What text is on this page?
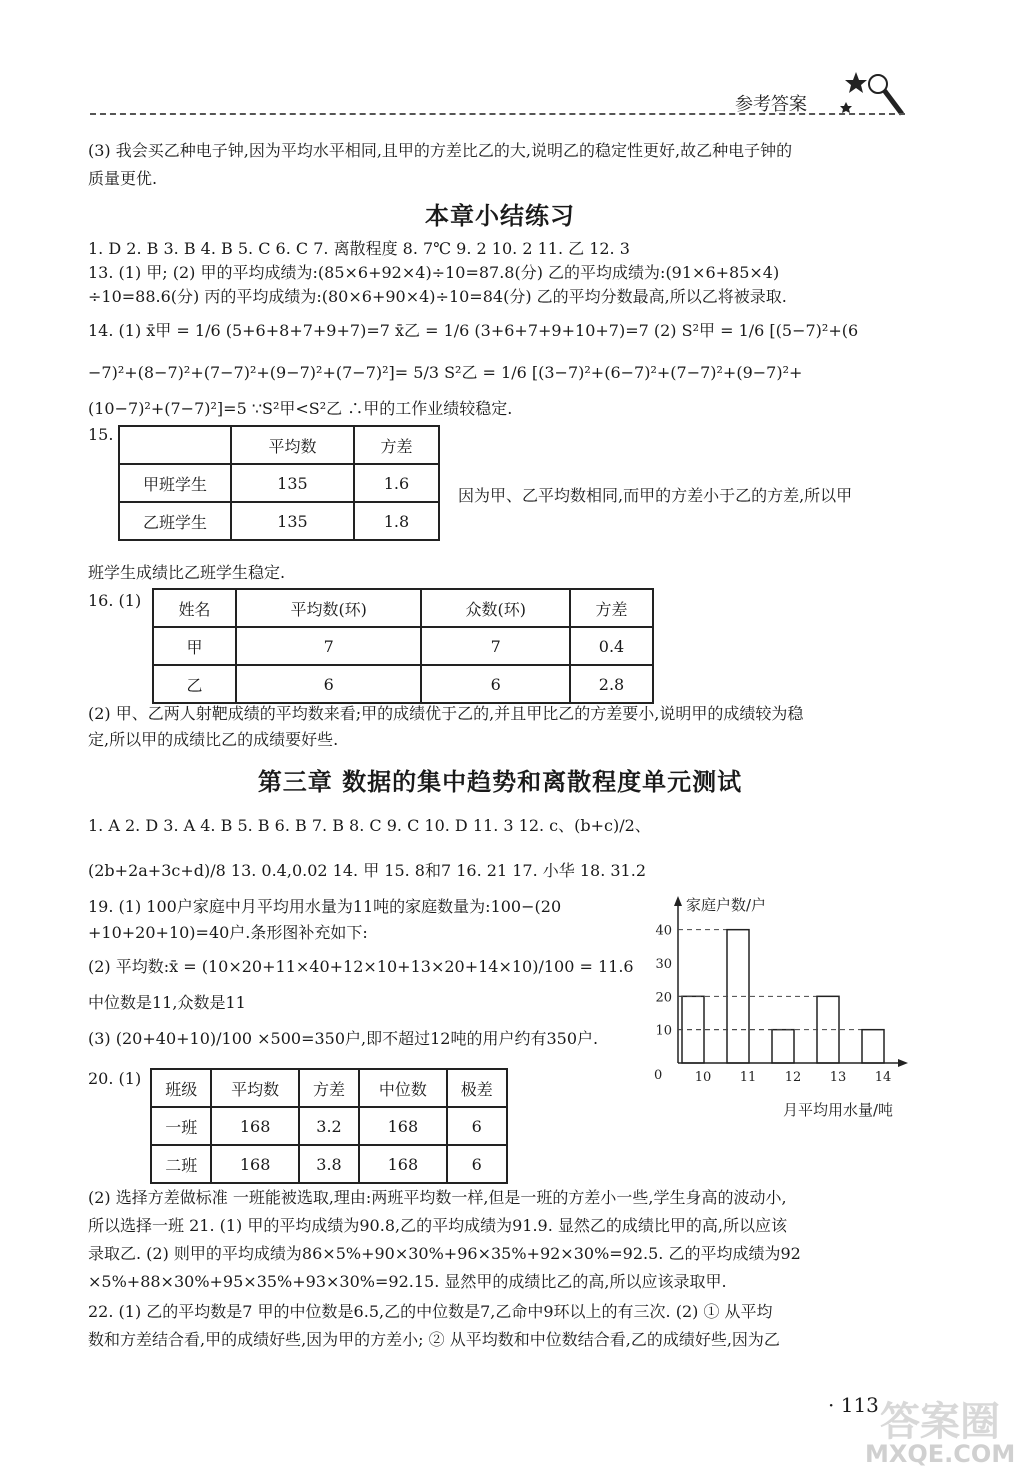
参考答案
(3) 我会买乙种电子钟,因为平均水平相同,且甲的方差比乙的大,说明乙的稳定性更好,故乙种电子钟的
质量更优.
本章小结练习
1. D 2. B 3. B 4. B 5. C 6. C 7. 离散程度 8. 7℃ 9. 2 10. 2 11. 乙 12. 3
13. (1) 甲; (2) 甲的平均成绩为:(85×6+92×4)÷10=87.8(分) 乙的平均成绩为:(91×6+85×4)
÷10=88.6(分) 丙的平均成绩为:(80×6+90×4)÷10=84(分) 乙的平均分数最高,所以乙将被录取.
14. (1) x̄甲 = 1/6 (5+6+8+7+9+7)=7 x̄乙 = 1/6 (3+6+7+9+10+7)=7 (2) S²甲 = 1/6 [(5−7)²+(6
−7)²+(8−7)²+(7−7)²+(9−7)²+(7−7)²]= 5/3 S²乙 = 1/6 [(3−7)²+(6−7)²+(7−7)²+(9−7)²+
(10−7)²+(7−7)²]=5 ∵S²甲<S²乙 ∴甲的工作业绩较稳定.
15.
	平均数	方差
甲班学生	135	1.6
乙班学生	135	1.8
因为甲、乙平均数相同,而甲的方差小于乙的方差,所以甲
班学生成绩比乙班学生稳定.
16. (1) 姓名	平均数(环)	众数(环)	方差
甲	7	7	0.4
乙	6	6	2.8
(2) 甲、乙两人射靶成绩的平均数来看;甲的成绩优于乙的,并且甲比乙的方差要小,说明甲的成绩较为稳
定,所以甲的成绩比乙的成绩要好些.
第三章 数据的集中趋势和离散程度单元测试
1. A 2. D 3. A 4. B 5. B 6. B 7. B 8. C 9. C 10. D 11. 3 12. c、(b+c)/2、
(2b+2a+3c+d)/8 13. 0.4,0.02 14. 甲 15. 8和7 16. 21 17. 小华 18. 31.2
19. (1) 100户家庭中月平均用水量为11吨的家庭数量为:100−(20
+10+20+10)=40户.条形图补充如下:
(2) 平均数:x̄ = (10×20+11×40+12×10+13×20+14×10)/100 = 11.6
中位数是11,众数是11
(3) (20+40+10)/100 ×500=350户,即不超过12吨的用户约有350户.
家庭户数/户
月平均用水量/吨
0
10
20
30
40
10 11 12 13 14
20. (1)
班级	平均数	方差	中位数	极差
一班	168	3.2	168	6
二班	168	3.8	168	6
(2) 选择方差做标准 一班能被选取,理由:两班平均数一样,但是一班的方差小一些,学生身高的波动小,
所以选择一班 21. (1) 甲的平均成绩为90.8,乙的平均成绩为91.9. 显然乙的成绩比甲的高,所以应该
录取乙. (2) 则甲的平均成绩为86×5%+90×30%+96×35%+92×30%=92.5. 乙的平均成绩为92
×5%+88×30%+95×35%+93×30%=92.15. 显然甲的成绩比乙的高,所以应该录取甲.
22. (1) 乙的平均数是7 甲的中位数是6.5,乙的中位数是7,乙命中9环以上的有三次. (2) ① 从平均
数和方差结合看,甲的成绩好些,因为甲的方差小; ② 从平均数和中位数结合看,乙的成绩好些,因为乙
· 113 ·
答案圈
MXQE.COM
